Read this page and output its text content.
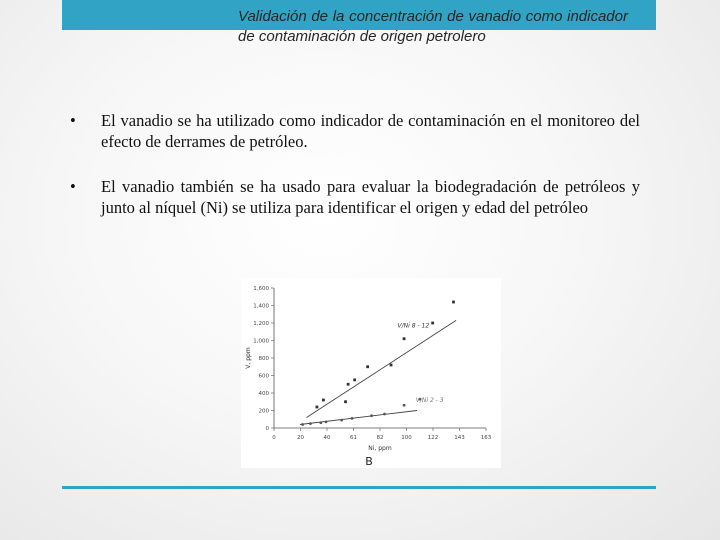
Validación de la concentración de vanadio como indicador de contaminación de origen petrolero
•	El vanadio se ha utilizado como indicador de contaminación en el monitoreo del efecto de derrames de petróleo.
•	El vanadio también se ha usado para evaluar la biodegradación de petróleos y junto al níquel (Ni) se utiliza para identificar el origen y edad del petróleo
0	20	40	61	82	100	122	143	163
0
200
400
600
800
1,000
1,200
1,400
1,600
Ni, ppm
V, ppm
B
V/Ni 8 - 12
V/Ni 2 - 3
